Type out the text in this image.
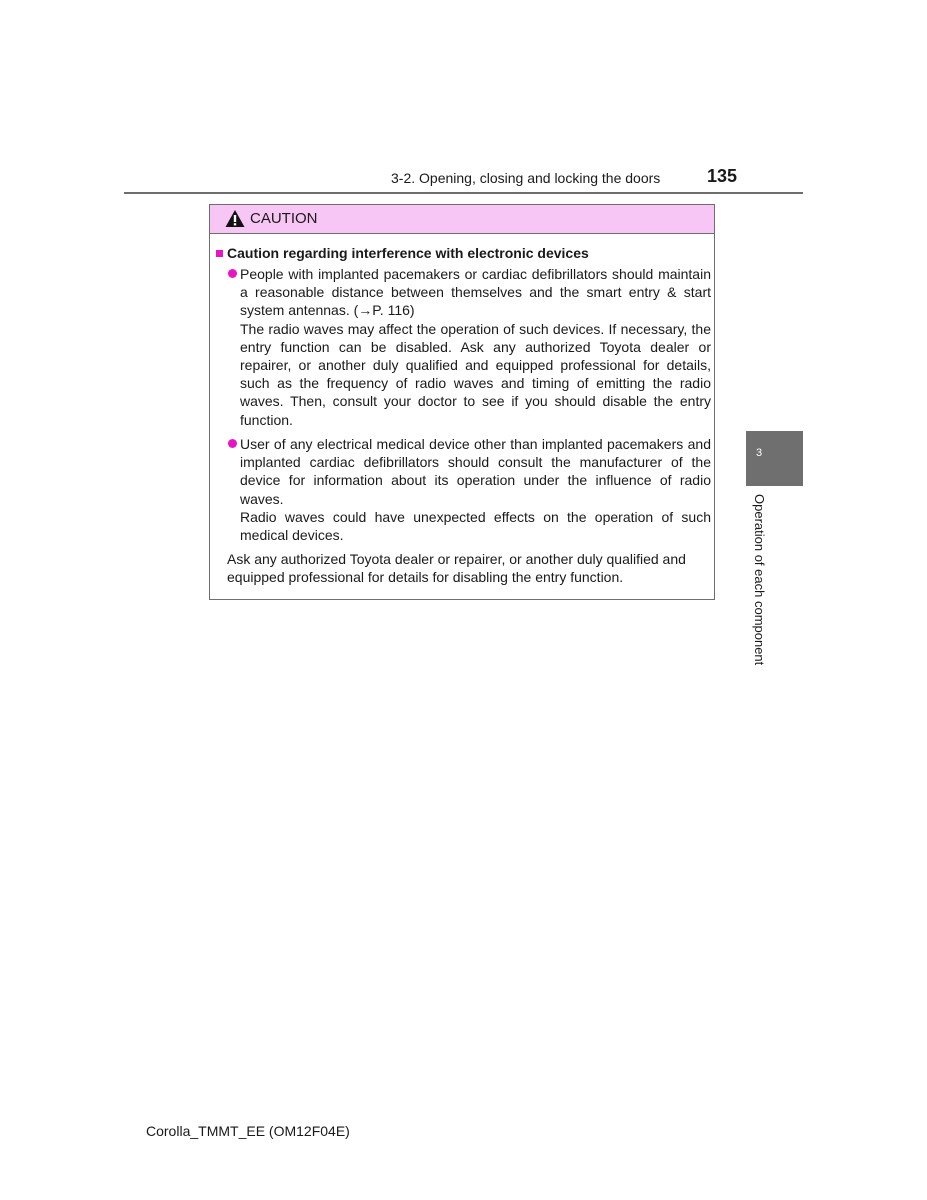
3-2. Opening, closing and locking the doors	135
CAUTION
Caution regarding interference with electronic devices

People with implanted pacemakers or cardiac defibrillators should maintain a reasonable distance between themselves and the smart entry & start system antennas. (→P. 116)

The radio waves may affect the operation of such devices. If necessary, the entry function can be disabled. Ask any authorized Toyota dealer or repairer, or another duly qualified and equipped professional for details, such as the frequency of radio waves and timing of emitting the radio waves. Then, consult your doctor to see if you should disable the entry function.

User of any electrical medical device other than implanted pacemakers and implanted cardiac defibrillators should consult the manufacturer of the device for information about its operation under the influence of radio waves.

Radio waves could have unexpected effects on the operation of such medical devices.

Ask any authorized Toyota dealer or repairer, or another duly qualified and equipped professional for details for disabling the entry function.

3
Operation of each component
Corolla_TMMT_EE (OM12F04E)
